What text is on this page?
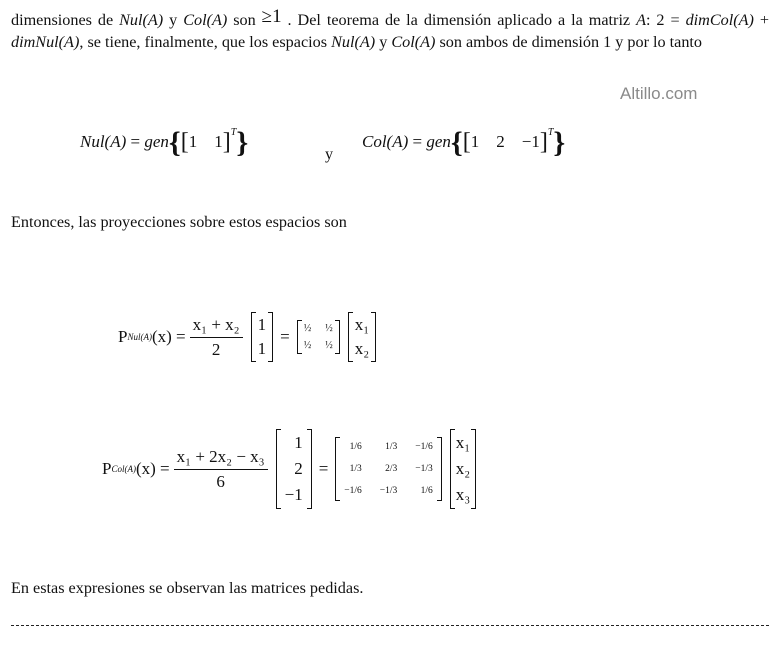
dimensiones de Nul(A) y Col(A) son ≥1 . Del teorema de la dimensión aplicado a la matriz A: 2 = dimCol(A) + dimNul(A), se tiene, finalmente, que los espacios Nul(A) y Col(A) son ambos de dimensión 1 y por lo tanto
Altillo.com
Nul(A) = gen{[1    1]$^T$}	y
Col(A) = gen{[1    2    −1]$^T$}
Entonces, las proyecciones sobre estos espacios son
P Nul(A) $(x) = \frac{\text{x₁ + x₂}}{2} 1$
1
= ½ ½
½ ½
x₁
x₂
P Col(A) $(x) = \frac{\text{x₁ + 2x₂ − x₃}}{6}$
1
2
−1
=
1/6	1/3 −1/6
1/3	2/3 −1/3
−1/6 −1/3	1/6
x₁
x₂
x₃
En estas expresiones se observan las matrices pedidas.
